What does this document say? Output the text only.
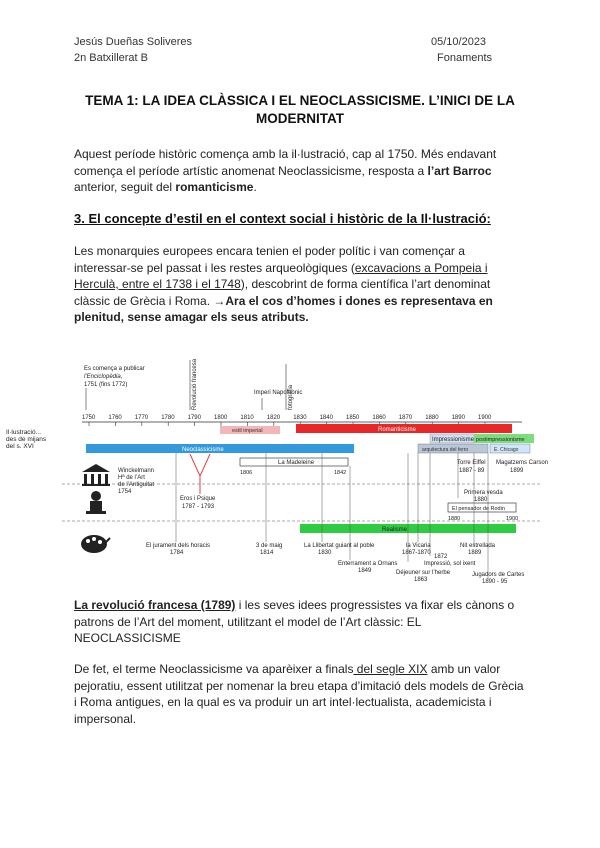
Jesús Dueñas Soliveres
2n Batxillerat B
05/10/2023
Fonaments
TEMA 1: LA IDEA CLÀSSICA I EL NEOCLASSICISME. L’INICI DE LA
MODERNITAT
Aquest període històric comença amb la il·lustració, cap al 1750. Més endavant
comença el període artístic anomenat Neoclassicisme, resposta a l’art Barroc
anterior, seguit del romanticisme.
3. El concepte d’estil en el context social i històric de la Il·lustració:
Les monarquies europees encara tenien el poder polític i van començar a
interessar-se pel passat i les restes arqueològiques (excavacions a Pompeia i
Herculà, entre el 1738 i el 1748), descobrint de forma científica l’art denominat
clàssic de Grècia i Roma. →Ara el cos d’homes i dones es representava en
plenitud, sense amagar els seus atributs.
Es comença a publicar
l’Enciclopèdia,
1751 (fins 1772)	Revolució francesa	Imperi Napoleònic
fotografia
1750 1760 1770 1780 1790 1800 1810 1820 1830 1840 1850 1860 1870 1880 1890 1900
Il·lustració...
des de mijans
del s. XVI
estil imperial	Romanticisme
Neoclassicisme
Impressionisme postimpressionisme
arquitectura del ferro	E. Chicago
Winckelmann
Hª de l’Art
de l’Antiguitat
1754
La Madeleine
1806	1842
Torre Eiffel
1887 - 89
Magatzems Carson
1899
Eros i Psique
1787 - 1793
Primera vesda
1880
El pensador de Rodin
1880	1900
Realisme
El jurament dels horacis
1784
3 de maig
1814
La Llibertat guiant al poble
1830
Enterrament a Ornans
1849
la Vicaria
1867-1870
1872
Impressió, sol ixent
Déjeuner sur l’herbe
1863
Nit estrellada
1889
Jugadors de Cartes
1890 - 95
La revolució francesa (1789) i les seves idees progressistes va fixar els cànons o
patrons de l’Art del moment, utilitzant el model de l’Art clàssic: EL
NEOCLASSICISME
De fet, el terme Neoclassicisme va aparèixer a finals del segle XIX amb un valor
pejoratiu, essent utilitzat per nomenar la breu etapa d’imitació dels models de Grècia
i Roma antigues, en la qual es va produir un art intel·lectualista, academicista i
impersonal.
